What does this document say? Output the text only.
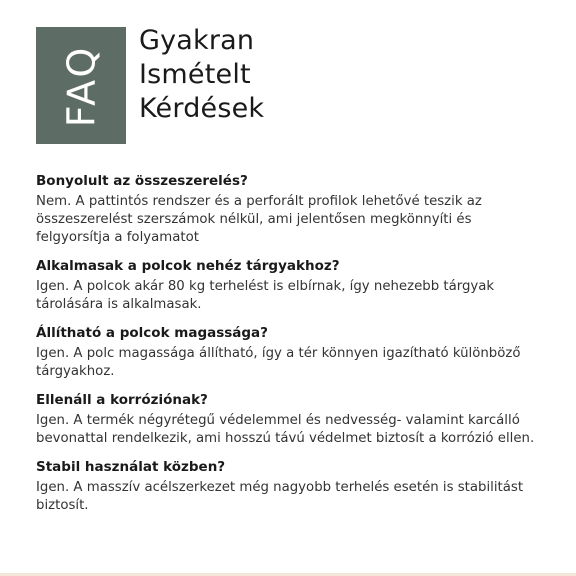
FAQ
Gyakran
Ismételt
Kérdések

Bonyolult az összeszerelés?

Nem. A pattintós rendszer és a perforált profilok lehetővé teszik az összeszerelést szerszámok nélkül, ami jelentősen megkönnyíti és felgyorsítja a folyamatot

Alkalmasak a polcok nehéz tárgyakhoz?

Igen. A polcok akár 80 kg terhelést is elbírnak, így nehezebb tárgyak tárolására is alkalmasak.

Állítható a polcok magassága?

Igen. A polc magassága állítható, így a tér könnyen igazítható különböző tárgyakhoz.

Ellenáll a korróziónak?

Igen. A termék négyrétegű védelemmel és nedvesség- valamint karcálló bevonattal rendelkezik, ami hosszú távú védelmet biztosít a korrózió ellen.

Stabil használat közben?

Igen. A masszív acélszerkezet még nagyobb terhelés esetén is stabilitást biztosít.
